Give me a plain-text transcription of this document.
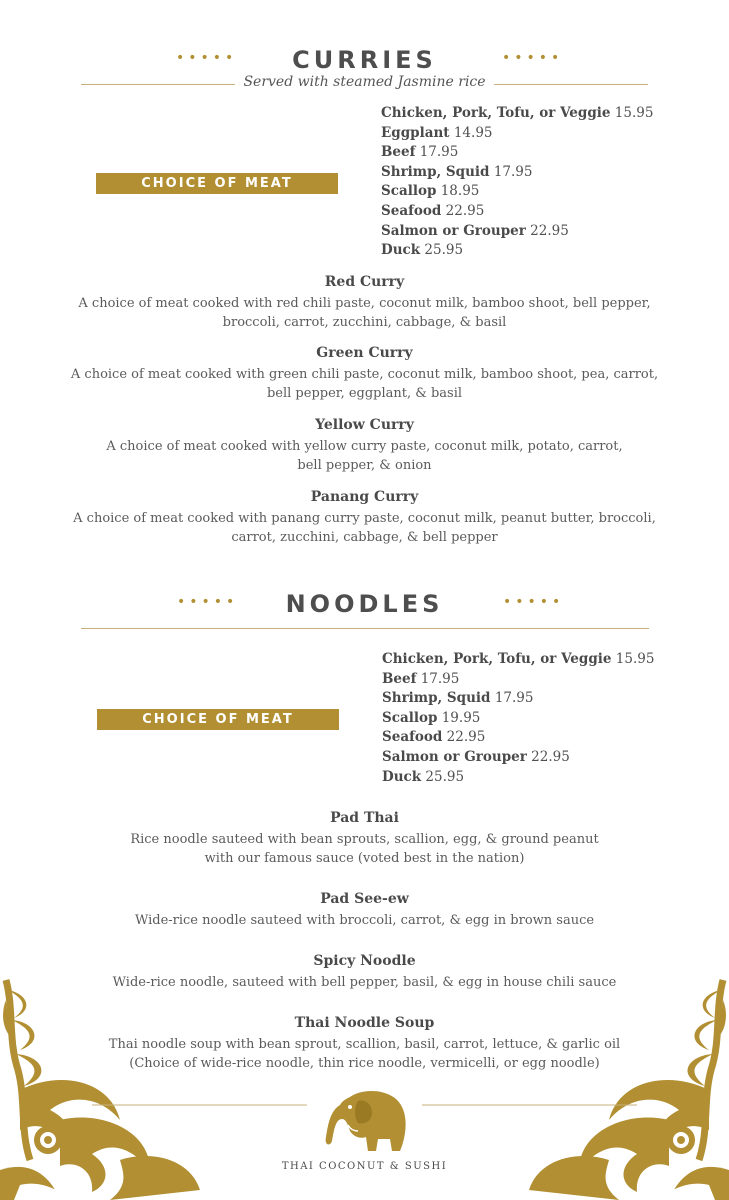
•••••	•••••
CURRIES
Served with steamed Jasmine rice
CHOICE OF MEAT
Chicken, Pork, Tofu, or Veggie 15.95
Eggplant 14.95
Beef 17.95
Shrimp, Squid 17.95
Scallop 18.95
Seafood 22.95
Salmon or Grouper 22.95
Duck 25.95
Red Curry
A choice of meat cooked with red chili paste, coconut milk, bamboo shoot, bell pepper,
broccoli, carrot, zucchini, cabbage, & basil
Green Curry
A choice of meat cooked with green chili paste, coconut milk, bamboo shoot, pea, carrot,
bell pepper, eggplant, & basil
Yellow Curry
A choice of meat cooked with yellow curry paste, coconut milk, potato, carrot,
bell pepper, & onion
Panang Curry
A choice of meat cooked with panang curry paste, coconut milk, peanut butter, broccoli,
carrot, zucchini, cabbage, & bell pepper
•••••	•••••
NOODLES
CHOICE OF MEAT
Chicken, Pork, Tofu, or Veggie 15.95
Beef 17.95
Shrimp, Squid 17.95
Scallop 19.95
Seafood 22.95
Salmon or Grouper 22.95
Duck 25.95
Pad Thai
Rice noodle sauteed with bean sprouts, scallion, egg, & ground peanut
with our famous sauce (voted best in the nation)
Pad See-ew
Wide-rice noodle sauteed with broccoli, carrot, & egg in brown sauce
Spicy Noodle
Wide-rice noodle, sauteed with bell pepper, basil, & egg in house chili sauce
Thai Noodle Soup
Thai noodle soup with bean sprout, scallion, basil, carrot, lettuce, & garlic oil
(Choice of wide-rice noodle, thin rice noodle, vermicelli, or egg noodle)
THAI COCONUT & SUSHI
